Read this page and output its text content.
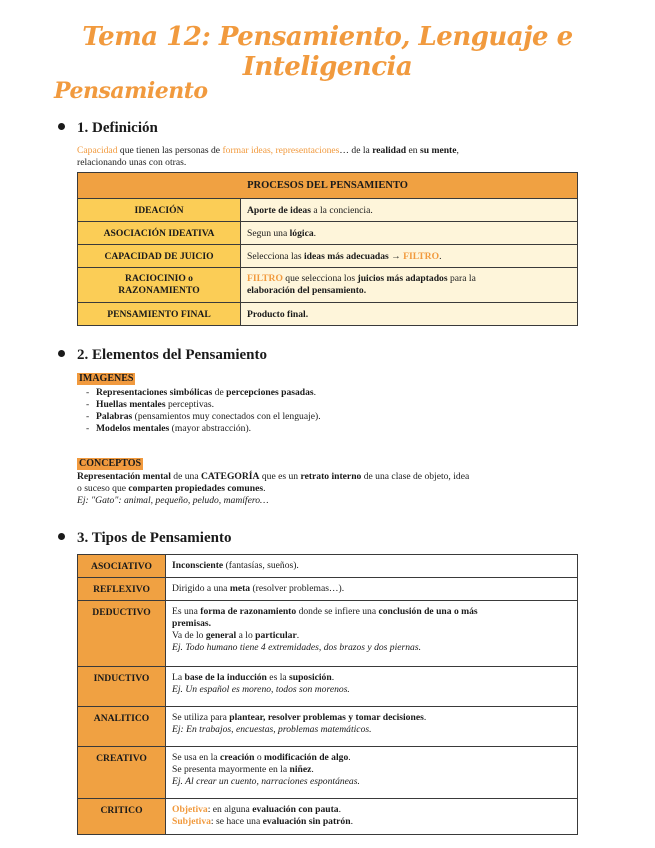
Tema 12: Pensamiento, Lenguaje e Inteligencia
Pensamiento
1. Definición
Capacidad que tienen las personas de formar ideas, representaciones… de la realidad en su mente,
relacionando unas con otras.
PROCESOS DEL PENSAMIENTO	
IDEACIÓN	Aporte de ideas a la conciencia.
ASOCIACIÓN IDEATIVA	Segun una lógica.
CAPACIDAD DE JUICIO	Selecciona las ideas más adecuadas → FILTRO.
RACIOCINIO o
RAZONAMIENTO	FILTRO que selecciona los juicios más adaptados para la
elaboración del pensamiento.
PENSAMIENTO FINAL	Producto final.
2. Elementos del Pensamiento
IMAGENES
- Representaciones simbólicas de percepciones pasadas.
- Huellas mentales perceptivas.
- Palabras (pensamientos muy conectados con el lenguaje).
- Modelos mentales (mayor abstracción).
CONCEPTOS
Representación mental de una CATEGORÍA que es un retrato interno de una clase de objeto, idea
o suceso que comparten propiedades comunes.
Ej: "Gato": animal, pequeño, peludo, mamífero…
3. Tipos de Pensamiento
ASOCIATIVO	Inconsciente (fantasías, sueños).

REFLEXIVO	Dirigido a una meta (resolver problemas…).

DEDUCTIVO	Es una forma de razonamiento donde se infiere una conclusión de una o más
premisas.
Va de lo general a lo particular.
Ej. Todo humano tiene 4 extremidades, dos brazos y dos piernas.

INDUCTIVO	La base de la inducción es la suposición.
Ej. Un español es moreno, todos son morenos.

ANALITICO	Se utiliza para plantear, resolver problemas y tomar decisiones.
Ej: En trabajos, encuestas, problemas matemáticos.

CREATIVO	Se usa en la creación o modificación de algo.
Se presenta mayormente en la niñez.
Ej. Al crear un cuento, narraciones espontáneas.

CRITICO	Objetiva: en alguna evaluación con pauta.
Subjetiva: se hace una evaluación sin patrón.
